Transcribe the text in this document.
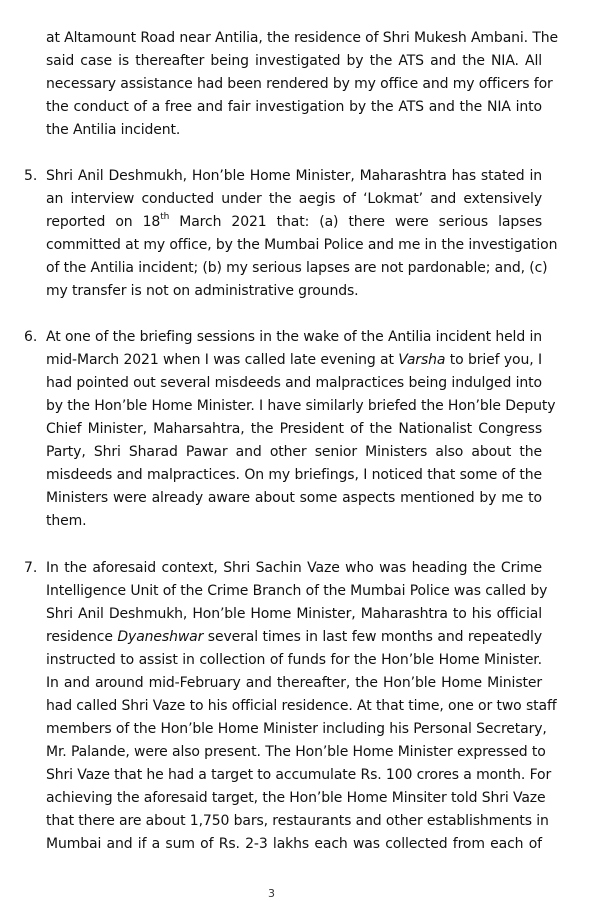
at Altamount Road near Antilia, the residence of Shri Mukesh Ambani. The
said case is thereafter being investigated by the ATS and the NIA. All
necessary assistance had been rendered by my office and my officers for
the conduct of a free and fair investigation by the ATS and the NIA into
the Antilia incident.
5. Shri Anil Deshmukh, Hon’ble Home Minister, Maharashtra has stated in
an interview conducted under the aegis of ‘Lokmat’ and extensively
reported on 18th March 2021 that: (a) there were serious lapses
committed at my office, by the Mumbai Police and me in the investigation
of the Antilia incident; (b) my serious lapses are not pardonable; and, (c)
my transfer is not on administrative grounds.
6. At one of the briefing sessions in the wake of the Antilia incident held in
mid-March 2021 when I was called late evening at Varsha to brief you, I
had pointed out several misdeeds and malpractices being indulged into
by the Hon’ble Home Minister. I have similarly briefed the Hon’ble Deputy
Chief Minister, Maharsahtra, the President of the Nationalist Congress
Party, Shri Sharad Pawar and other senior Ministers also about the
misdeeds and malpractices. On my briefings, I noticed that some of the
Ministers were already aware about some aspects mentioned by me to
them.
7. In the aforesaid context, Shri Sachin Vaze who was heading the Crime
Intelligence Unit of the Crime Branch of the Mumbai Police was called by
Shri Anil Deshmukh, Hon’ble Home Minister, Maharashtra to his official
residence Dyaneshwar several times in last few months and repeatedly
instructed to assist in collection of funds for the Hon’ble Home Minister.
In and around mid-February and thereafter, the Hon’ble Home Minister
had called Shri Vaze to his official residence. At that time, one or two staff
members of the Hon’ble Home Minister including his Personal Secretary,
Mr. Palande, were also present. The Hon’ble Home Minister expressed to
Shri Vaze that he had a target to accumulate Rs. 100 crores a month. For
achieving the aforesaid target, the Hon’ble Home Minsiter told Shri Vaze
that there are about 1,750 bars, restaurants and other establishments in
Mumbai and if a sum of Rs. 2-3 lakhs each was collected from each of
3
